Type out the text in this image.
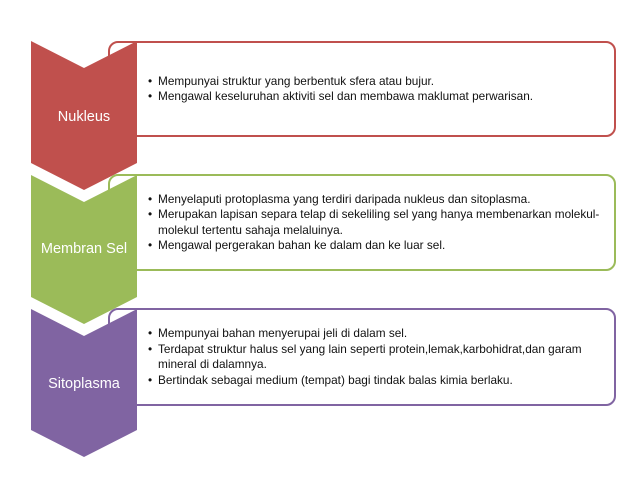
• Mempunyai struktur yang berbentuk sfera atau bujur.
• Mengawal keseluruhan aktiviti sel dan membawa maklumat perwarisan.
• Menyelaputi protoplasma yang terdiri daripada nukleus dan sitoplasma.
• Merupakan lapisan separa telap di sekeliling sel yang hanya membenarkan molekul-molekul tertentu sahaja melaluinya.
• Mengawal pergerakan bahan ke dalam dan ke luar sel.
• Mempunyai bahan menyerupai jeli di dalam sel.
• Terdapat struktur halus sel yang lain seperti protein,lemak,karbohidrat,dan garam mineral di dalamnya.
• Bertindak sebagai medium (tempat) bagi tindak balas kimia berlaku.
Nukleus
Membran Sel
Sitoplasma
